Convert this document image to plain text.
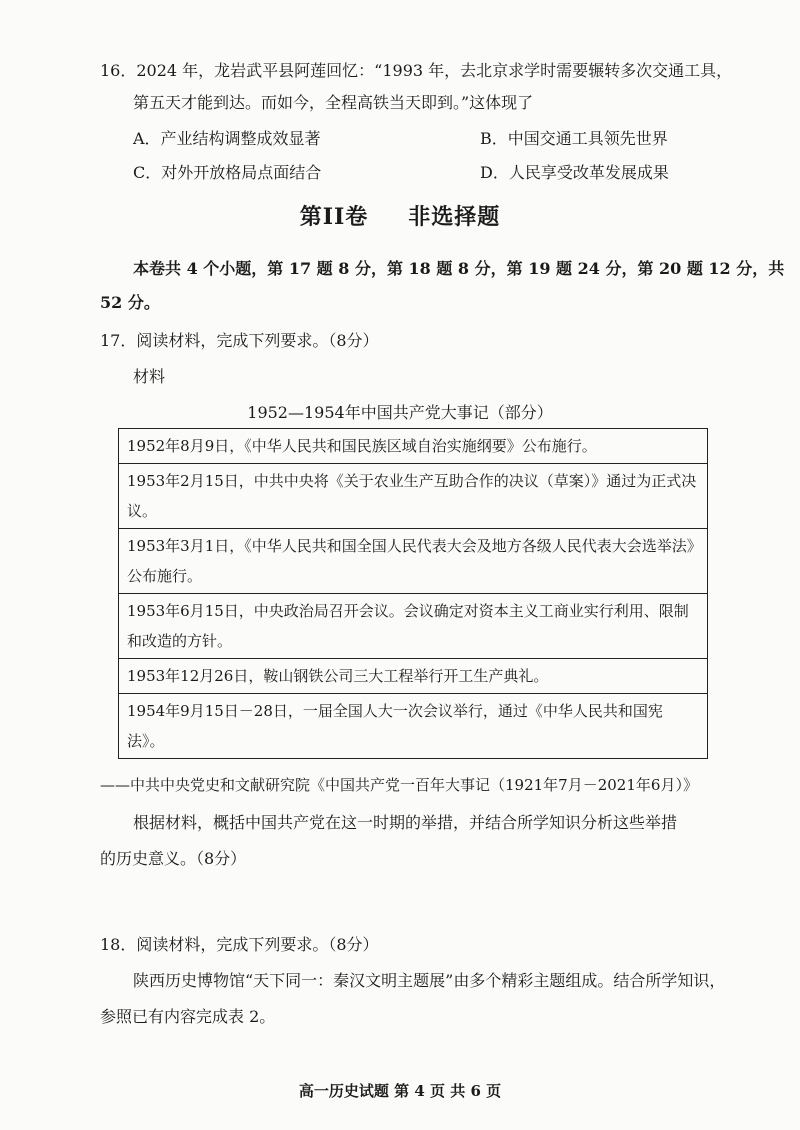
16．2024 年，龙岩武平县阿莲回忆：“1993 年，去北京求学时需要辗转多次交通工具，
第五天才能到达。而如今，全程高铁当天即到。”这体现了
A．产业结构调整成效显著	B．中国交通工具领先世界
C．对外开放格局点面结合	D．人民享受改革发展成果
第II卷 非选择题
本卷共 4 个小题，第 17 题 8 分，第 18 题 8 分，第 19 题 24 分，第 20 题 12 分，共
52 分。
17．阅读材料，完成下列要求。（8分）
材料
1952—1954年中国共产党大事记（部分）
1952年8月9日，《中华人民共和国民族区域自治实施纲要》公布施行。
1953年2月15日，中共中央将《关于农业生产互助合作的决议（草案）》通过为正式决议。
1953年3月1日，《中华人民共和国全国人民代表大会及地方各级人民代表大会选举法》公布施行。
1953年6月15日，中央政治局召开会议。会议确定对资本主义工商业实行利用、限制和改造的方针。
1953年12月26日，鞍山钢铁公司三大工程举行开工生产典礼。
1954年9月15日－28日，一届全国人大一次会议举行，通过《中华人民共和国宪法》。
——中共中央党史和文献研究院《中国共产党一百年大事记（1921年7月－2021年6月）》
根据材料，概括中国共产党在这一时期的举措，并结合所学知识分析这些举措
的历史意义。（8分）
18．阅读材料，完成下列要求。（8分）
陕西历史博物馆“天下同一：秦汉文明主题展”由多个精彩主题组成。结合所学知识，
参照已有内容完成表 2。
高一历史试题 第 4 页 共 6 页
